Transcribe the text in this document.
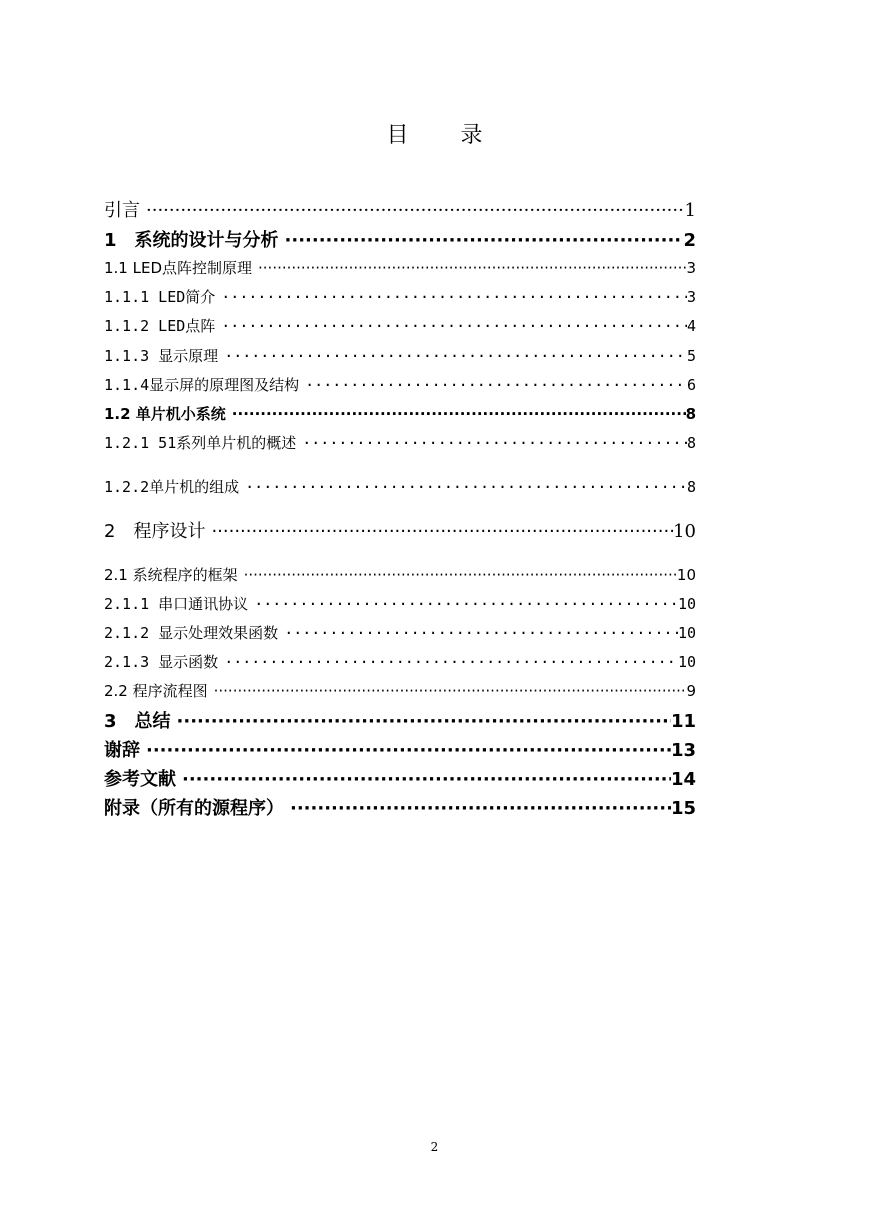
目 录
引言 ·····	1
1　系统的设计与分析 ·····	2
1.1 LED点阵控制原理 ·····	3
1.1.1 LED简介 ·····	3
1.1.2 LED点阵 ·····	4
1.1.3 显示原理 ·····	5
1.1.4显示屏的原理图及结构 ·····	6
1.2 单片机小系统 ·····	8
1.2.1 51系列单片机的概述 ·····	8
1.2.2单片机的组成 ·····	8
2　程序设计 ·····	10
2.1 系统程序的框架 ·····	10
2.1.1 串口通讯协议 ·····	10
2.1.2 显示处理效果函数 ·····	10
2.1.3 显示函数 ·····	10
2.2 程序流程图 ·····	9
3　总结 ·····	11
谢辞 ·····	13
参考文献 ·····	14
附录（所有的源程序） ·····	15
2
